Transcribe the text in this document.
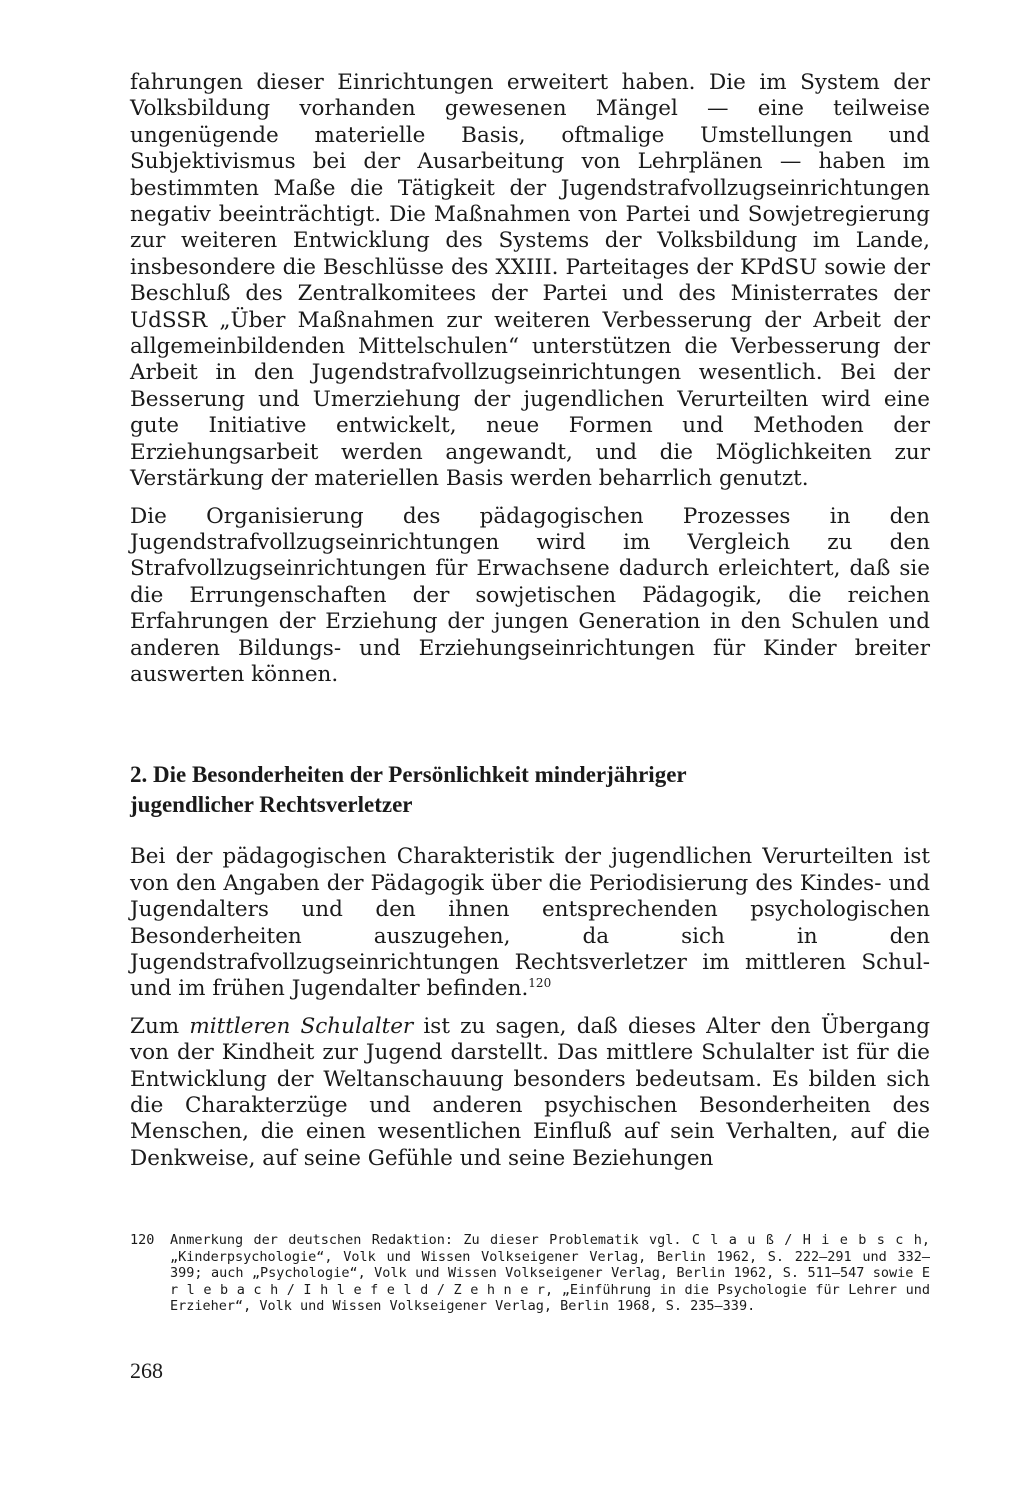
fahrungen dieser Einrichtungen erweitert haben. Die im System der Volksbildung vorhanden gewesenen Mängel — eine teilweise ungenügende materielle Basis, oftmalige Umstellungen und Subjektivismus bei der Ausarbeitung von Lehrplänen — haben im bestimmten Maße die Tätigkeit der Jugendstrafvollzugseinrichtungen negativ beeinträchtigt. Die Maßnahmen von Partei und Sowjetregierung zur weiteren Entwicklung des Systems der Volksbildung im Lande, insbesondere die Beschlüsse des XXIII. Parteitages der KPdSU sowie der Beschluß des Zentralkomitees der Partei und des Ministerrates der UdSSR „Über Maßnahmen zur weiteren Verbesserung der Arbeit der allgemeinbildenden Mittelschulen“ unterstützen die Verbesserung der Arbeit in den Jugendstrafvollzugseinrichtungen wesentlich. Bei der Besserung und Umerziehung der jugendlichen Verurteilten wird eine gute Initiative entwickelt, neue Formen und Methoden der Erziehungsarbeit werden angewandt, und die Möglichkeiten zur Verstärkung der materiellen Basis werden beharrlich genutzt.

Die Organisierung des pädagogischen Prozesses in den Jugendstrafvollzugseinrichtungen wird im Vergleich zu den Strafvollzugseinrichtungen für Erwachsene dadurch erleichtert, daß sie die Errungenschaften der sowjetischen Pädagogik, die reichen Erfahrungen der Erziehung der jungen Generation in den Schulen und anderen Bildungs- und Erziehungseinrichtungen für Kinder breiter auswerten können.

2. Die Besonderheiten der Persönlichkeit minderjähriger
jugendlicher Rechtsverletzer

Bei der pädagogischen Charakteristik der jugendlichen Verurteilten ist von den Angaben der Pädagogik über die Periodisierung des Kindes- und Jugendalters und den ihnen entsprechenden psychologischen Besonderheiten auszugehen, da sich in den Jugendstrafvollzugseinrichtungen Rechtsverletzer im mittleren Schul- und im frühen Jugendalter befinden.$^{120}$

Zum mittleren Schulalter ist zu sagen, daß dieses Alter den Übergang von der Kindheit zur Jugend darstellt. Das mittlere Schulalter ist für die Entwicklung der Weltanschauung besonders bedeutsam. Es bilden sich die Charakterzüge und anderen psychischen Besonderheiten des Menschen, die einen wesentlichen Einfluß auf sein Verhalten, auf die Denkweise, auf seine Gefühle und seine Beziehungen

120	Anmerkung der deutschen Redaktion: Zu dieser Problematik vgl. C l a u ß / H i e b s c h, „Kinderpsychologie“, Volk und Wissen Volkseigener Verlag, Berlin 1962, S. 222—291 und 332—399; auch „Psychologie“, Volk und Wissen Volkseigener Verlag, Berlin 1962, S. 511—547 sowie E r l e b a c h / I h l e f e l d / Z e h n e r, „Einführung in die Psychologie für Lehrer und Erzieher“, Volk und Wissen Volkseigener Verlag, Berlin 1968, S. 235—339.
268
